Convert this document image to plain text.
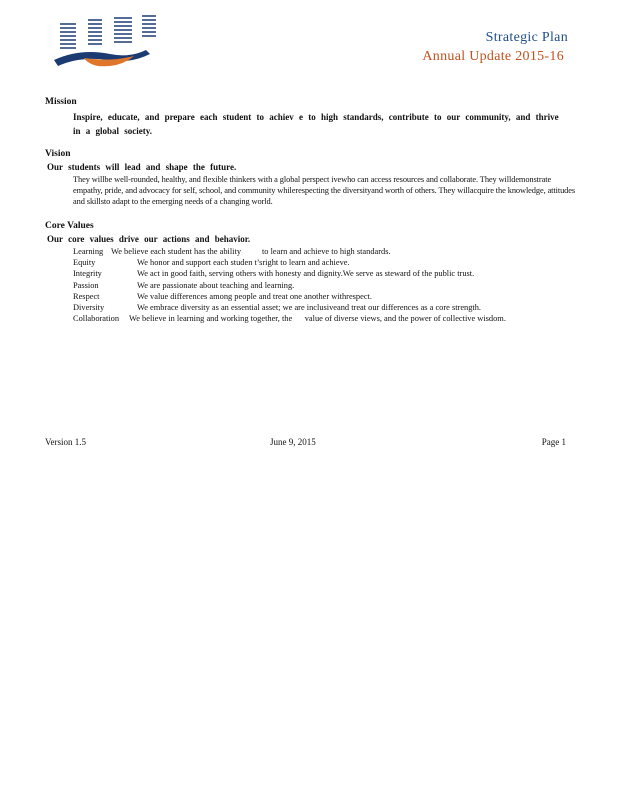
Strategic Plan
Annual Update 2015-16
Mission
Inspire, educate, and prepare each student to achiev e to high standards, contribute to our community, and thrive in a global society.
Vision
Our students will lead and shape the future.
They willbe well-rounded, healthy, and flexible thinkers with a global perspect ivewho can access resources and collaborate. They willdemonstrate empathy, pride, and advocacy for self, school, and community whilerespecting the diversityand worth of others. They willacquire the knowledge, attitudes and skillsto adapt to the emerging needs of a changing world.
Core Values
Our core values drive our actions and behavior.
Learning We believe each student has the ability          to learn and achieve to high standards.
Equity	We honor and support each studen t’sright to learn and achieve.
Integrity	We act in good faith, serving others with honesty and dignity.We serve as steward of the public trust.
Passion	We are passionate about teaching and learning.
Respect	We value differences among people and treat one another withrespect.
Diversity	We embrace diversity as an essential asset; we are inclusiveand treat our differences as a core strength.
Collaboration We believe in learning and working together, the      value of diverse views, and the power of collective wisdom.
Version 1.5	June 9, 2015	Page 1
